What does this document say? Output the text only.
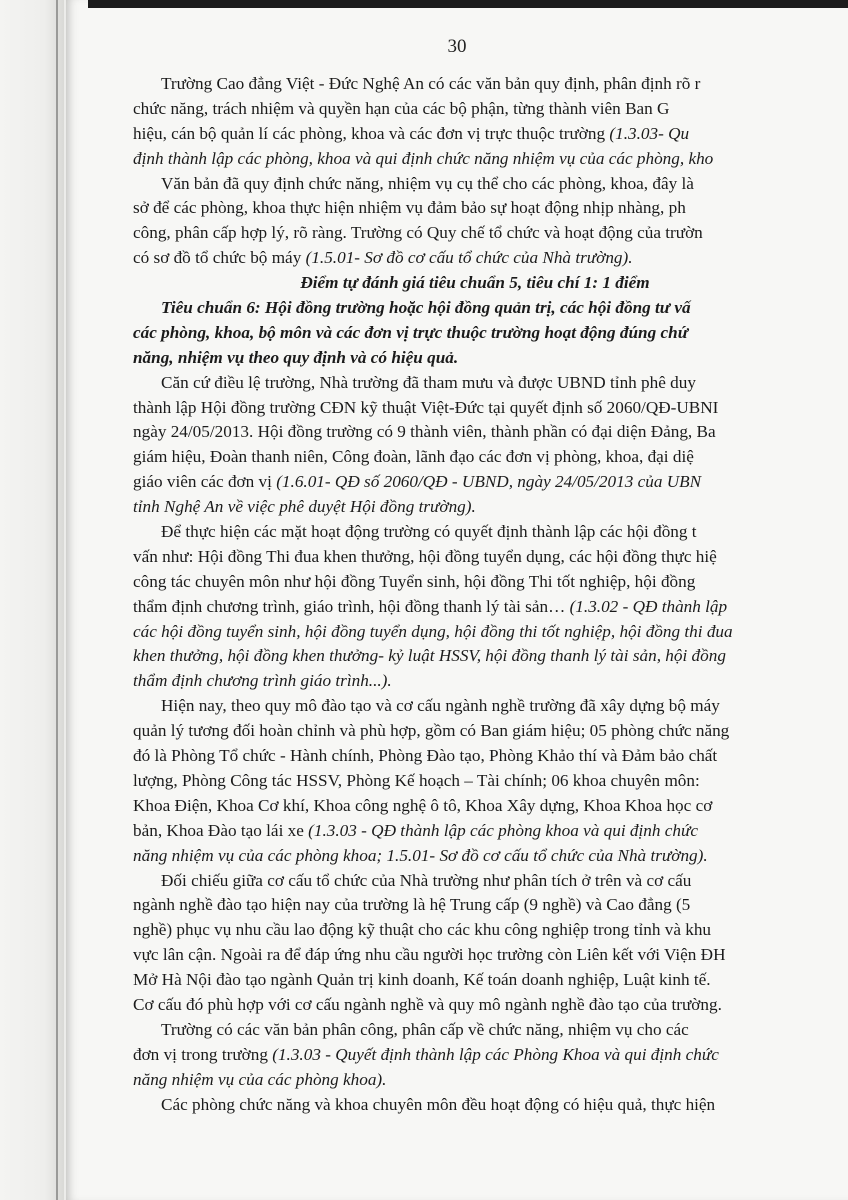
30
Trường Cao đẳng Việt - Đức Nghệ An có các văn bản quy định, phân định rõ r
chức năng, trách nhiệm và quyền hạn của các bộ phận, từng thành viên Ban G
hiệu, cán bộ quản lí các phòng, khoa và các đơn vị trực thuộc trường (1.3.03- Qu
định thành lập các phòng, khoa và qui định chức năng nhiệm vụ của các phòng, kho
Văn bản đã quy định chức năng, nhiệm vụ cụ thể cho các phòng, khoa, đây là
sở để các phòng, khoa thực hiện nhiệm vụ đảm bảo sự hoạt động nhịp nhàng, ph
công, phân cấp hợp lý, rõ ràng. Trường có Quy chế tổ chức và hoạt động của trườn
có sơ đồ tổ chức bộ máy (1.5.01- Sơ đồ cơ cấu tổ chức của Nhà trường).
Điểm tự đánh giá tiêu chuẩn 5, tiêu chí 1: 1 điểm
Tiêu chuẩn 6: Hội đồng trường hoặc hội đồng quản trị, các hội đồng tư vấ
các phòng, khoa, bộ môn và các đơn vị trực thuộc trường hoạt động đúng chứ
năng, nhiệm vụ theo quy định và có hiệu quả.
Căn cứ điều lệ trường, Nhà trường đã tham mưu và được UBND tỉnh phê duy
thành lập Hội đồng trường CĐN kỹ thuật Việt-Đức tại quyết định số 2060/QĐ-UBNI
ngày 24/05/2013. Hội đồng trường có 9 thành viên, thành phần có đại diện Đảng, Ba
giám hiệu, Đoàn thanh niên, Công đoàn, lãnh đạo các đơn vị phòng, khoa, đại diệ
giáo viên các đơn vị (1.6.01- QĐ số 2060/QĐ - UBND, ngày 24/05/2013 của UBN
tỉnh Nghệ An về việc phê duyệt Hội đồng trường).
Để thực hiện các mặt hoạt động trường có quyết định thành lập các hội đồng t
vấn như: Hội đồng Thi đua khen thưởng, hội đồng tuyển dụng, các hội đồng thực hiệ
công tác chuyên môn như hội đồng Tuyển sinh, hội đồng Thi tốt nghiệp, hội đồng
thẩm định chương trình, giáo trình, hội đồng thanh lý tài sản… (1.3.02 - QĐ thành lập
các hội đồng tuyển sinh, hội đồng tuyển dụng, hội đồng thi tốt nghiệp, hội đồng thi đua
khen thưởng, hội đồng khen thưởng- kỷ luật HSSV, hội đồng thanh lý tài sản, hội đồng
thẩm định chương trình giáo trình...).
Hiện nay, theo quy mô đào tạo và cơ cấu ngành nghề trường đã xây dựng bộ máy
quản lý tương đối hoàn chỉnh và phù hợp, gồm có Ban giám hiệu; 05 phòng chức năng
đó là Phòng Tổ chức - Hành chính, Phòng Đào tạo, Phòng Khảo thí và Đảm bảo chất
lượng, Phòng Công tác HSSV, Phòng Kế hoạch – Tài chính; 06 khoa chuyên môn:
Khoa Điện, Khoa Cơ khí, Khoa công nghệ ô tô, Khoa Xây dựng, Khoa Khoa học cơ
bản, Khoa Đào tạo lái xe (1.3.03 - QĐ thành lập các phòng khoa và qui định chức
năng nhiệm vụ của các phòng khoa; 1.5.01- Sơ đồ cơ cấu tổ chức của Nhà trường).
Đối chiếu giữa cơ cấu tổ chức của Nhà trường như phân tích ở trên và cơ cấu
ngành nghề đào tạo hiện nay của trường là hệ Trung cấp (9 nghề) và Cao đẳng (5
nghề) phục vụ nhu cầu lao động kỹ thuật cho các khu công nghiệp trong tỉnh và khu
vực lân cận. Ngoài ra để đáp ứng nhu cầu người học trường còn Liên kết với Viện ĐH
Mở Hà Nội đào tạo ngành Quản trị kinh doanh, Kế toán doanh nghiệp, Luật kinh tế.
Cơ cấu đó phù hợp với cơ cấu ngành nghề và quy mô ngành nghề đào tạo của trường.
Trường có các văn bản phân công, phân cấp về chức năng, nhiệm vụ cho các
đơn vị trong trường (1.3.03 - Quyết định thành lập các Phòng Khoa và qui định chức
năng nhiệm vụ của các phòng khoa).
Các phòng chức năng và khoa chuyên môn đều hoạt động có hiệu quả, thực hiện
